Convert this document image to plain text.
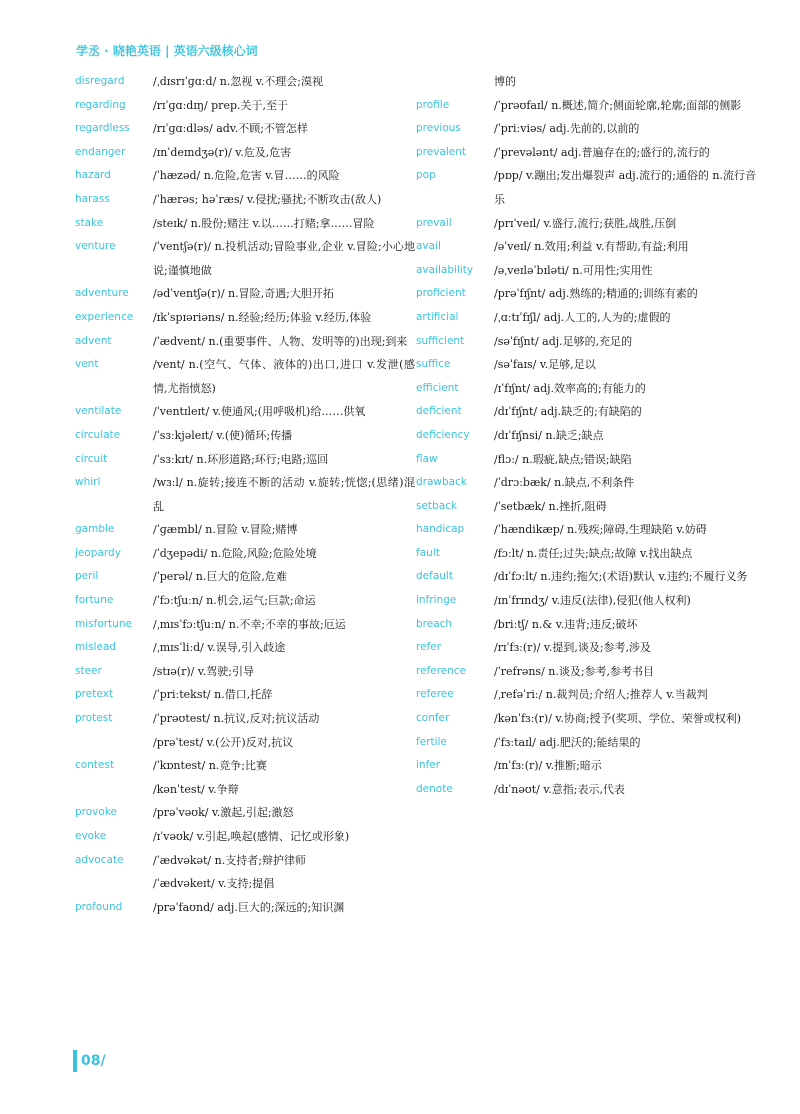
学丞 · 晓艳英语 | 英语六级核心词
disregard	/ˌdɪsrɪˈɡɑːd/ n.忽视 v.不理会;漠视
regarding	/rɪˈɡɑːdɪŋ/ prep.关于,至于
regardless	/rɪˈɡɑːdləs/ adv.不顾;不管怎样
endanger	/ɪnˈdeɪndʒə(r)/ v.危及,危害
hazard	/ˈhæzəd/ n.危险,危害 v.冒……的风险
harass	/ˈhærəs; həˈræs/ v.侵扰;骚扰;不断攻击(敌人)
stake	/steɪk/ n.股份;赌注 v.以……打赌;拿……冒险
venture	/ˈventʃə(r)/ n.投机活动;冒险事业,企业 v.冒险;小心地说;谨慎地做
adventure	/ədˈventʃə(r)/ n.冒险,奇遇;大胆开拓
experience	/ɪkˈspɪəriəns/ n.经验;经历;体验 v.经历,体验
advent	/ˈædvent/ n.(重要事件、人物、发明等的)出现;到来
vent	/vent/ n.(空气、气体、液体的)出口,进口 v.发泄(感情,尤指愤怒)
ventilate	/ˈventɪleɪt/ v.使通风;(用呼吸机)给……供氧
circulate	/ˈsɜːkjəleɪt/ v.(使)循环;传播
circuit	/ˈsɜːkɪt/ n.环形道路;环行;电路;巡回
whirl	/wɜːl/ n.旋转;接连不断的活动 v.旋转;恍惚;(思绪)混乱
gamble	/ˈɡæmbl/ n.冒险 v.冒险;赌博
jeopardy	/ˈdʒepədi/ n.危险,风险;危险处境
peril	/ˈperəl/ n.巨大的危险,危难
fortune	/ˈfɔːtʃuːn/ n.机会,运气;巨款;命运
misfortune	/ˌmɪsˈfɔːtʃuːn/ n.不幸;不幸的事故;厄运
mislead	/ˌmɪsˈliːd/ v.误导,引入歧途
steer	/stɪə(r)/ v.驾驶;引导
pretext	/ˈpriːtekst/ n.借口,托辞
protest	/ˈprəʊtest/ n.抗议,反对;抗议活动
/prəˈtest/ v.(公开)反对,抗议
contest	/ˈkɒntest/ n.竞争;比赛
/kənˈtest/ v.争辩
provoke	/prəˈvəʊk/ v.激起,引起;激怒
evoke	/ɪˈvəʊk/ v.引起,唤起(感情、记忆或形象)
advocate	/ˈædvəkət/ n.支持者;辩护律师
/ˈædvəkeɪt/ v.支持;提倡
profound	/prəˈfaʊnd/ adj.巨大的;深远的;知识渊
博的
profile	/ˈprəʊfaɪl/ n.概述,简介;侧面轮廓,轮廓;面部的侧影
previous	/ˈpriːviəs/ adj.先前的,以前的
prevalent	/ˈprevələnt/ adj.普遍存在的;盛行的,流行的
pop	/pɒp/ v.蹦出;发出爆裂声 adj.流行的;通俗的 n.流行音乐
prevail	/prɪˈveɪl/ v.盛行,流行;获胜,战胜,压倒
avail	/əˈveɪl/ n.效用;利益 v.有帮助,有益;利用
availability	/əˌveɪləˈbɪləti/ n.可用性;实用性
proficient	/prəˈfɪʃnt/ adj.熟练的;精通的;训练有素的
artificial	/ˌɑːtɪˈfɪʃl/ adj.人工的,人为的;虚假的
sufficient	/səˈfɪʃnt/ adj.足够的,充足的
suffice	/səˈfaɪs/ v.足够,足以
efficient	/ɪˈfɪʃnt/ adj.效率高的;有能力的
deficient	/dɪˈfɪʃnt/ adj.缺乏的;有缺陷的
deficiency	/dɪˈfɪʃnsi/ n.缺乏;缺点
flaw	/flɔː/ n.瑕疵,缺点;错误;缺陷
drawback	/ˈdrɔːbæk/ n.缺点,不利条件
setback	/ˈsetbæk/ n.挫折,阻碍
handicap	/ˈhændikæp/ n.残疾;障碍,生理缺陷 v.妨碍
fault	/fɔːlt/ n.责任;过失;缺点;故障 v.找出缺点
default	/dɪˈfɔːlt/ n.违约;拖欠;(术语)默认 v.违约;不履行义务
infringe	/ɪnˈfrɪndʒ/ v.违反(法律),侵犯(他人权利)
breach	/briːtʃ/ n.& v.违背;违反;破坏
refer	/rɪˈfɜː(r)/ v.提到,谈及;参考,涉及
reference	/ˈrefrəns/ n.谈及;参考,参考书目
referee	/ˌrefəˈriː/ n.裁判员;介绍人;推荐人 v.当裁判
confer	/kənˈfɜː(r)/ v.协商;授予(奖项、学位、荣誉或权利)
fertile	/ˈfɜːtaɪl/ adj.肥沃的;能结果的
infer	/ɪnˈfɜː(r)/ v.推断;暗示
denote	/dɪˈnəʊt/ v.意指;表示,代表
08/
